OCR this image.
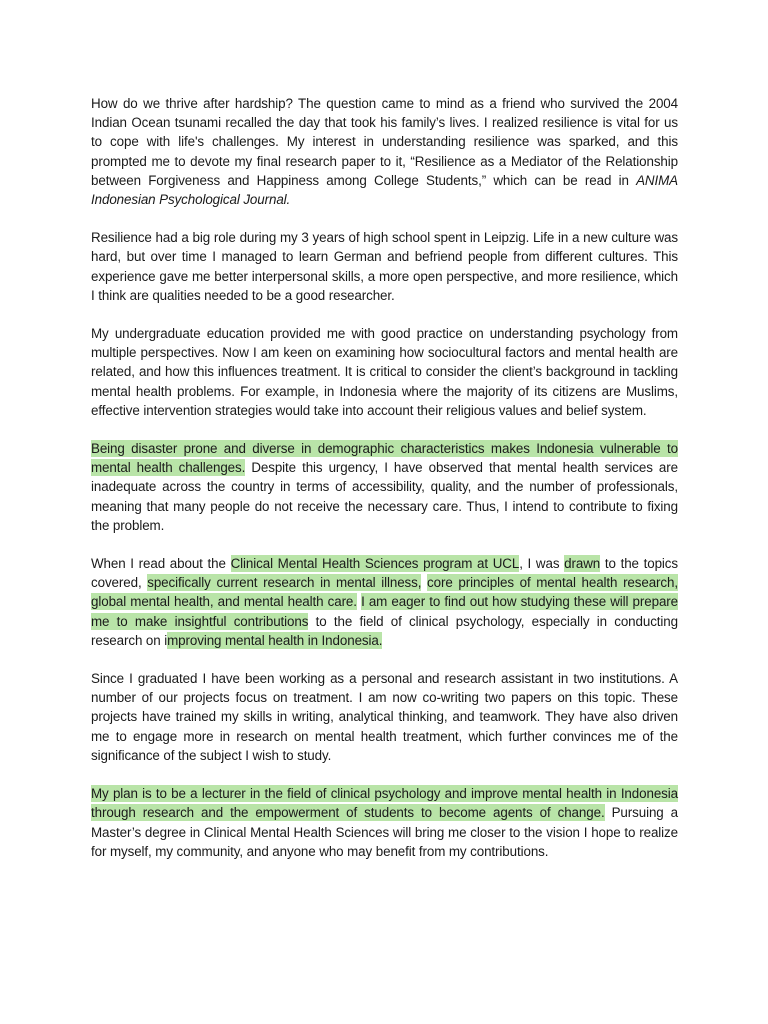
How do we thrive after hardship? The question came to mind as a friend who survived the 2004 Indian Ocean tsunami recalled the day that took his family’s lives. I realized resilience is vital for us to cope with life's challenges. My interest in understanding resilience was sparked, and this prompted me to devote my final research paper to it, “Resilience as a Mediator of the Relationship between Forgiveness and Happiness among College Students,” which can be read in ANIMA Indonesian Psychological Journal.

Resilience had a big role during my 3 years of high school spent in Leipzig. Life in a new culture was hard, but over time I managed to learn German and befriend people from different cultures. This experience gave me better interpersonal skills, a more open perspective, and more resilience, which I think are qualities needed to be a good researcher.

My undergraduate education provided me with good practice on understanding psychology from multiple perspectives. Now I am keen on examining how sociocultural factors and mental health are related, and how this influences treatment. It is critical to consider the client’s background in tackling mental health problems. For example, in Indonesia where the majority of its citizens are Muslims, effective intervention strategies would take into account their religious values and belief system.

Being disaster prone and diverse in demographic characteristics makes Indonesia vulnerable to mental health challenges. Despite this urgency, I have observed that mental health services are inadequate across the country in terms of accessibility, quality, and the number of professionals, meaning that many people do not receive the necessary care. Thus, I intend to contribute to fixing the problem.

When I read about the Clinical Mental Health Sciences program at UCL, I was drawn to the topics covered, specifically current research in mental illness, core principles of mental health research, global mental health, and mental health care. I am eager to find out how studying these will prepare me to make insightful contributions to the field of clinical psychology, especially in conducting research on improving mental health in Indonesia.

Since I graduated I have been working as a personal and research assistant in two institutions. A number of our projects focus on treatment. I am now co-writing two papers on this topic. These projects have trained my skills in writing, analytical thinking, and teamwork. They have also driven me to engage more in research on mental health treatment, which further convinces me of the significance of the subject I wish to study.

My plan is to be a lecturer in the field of clinical psychology and improve mental health in Indonesia through research and the empowerment of students to become agents of change. Pursuing a Master’s degree in Clinical Mental Health Sciences will bring me closer to the vision I hope to realize for myself, my community, and anyone who may benefit from my contributions.
